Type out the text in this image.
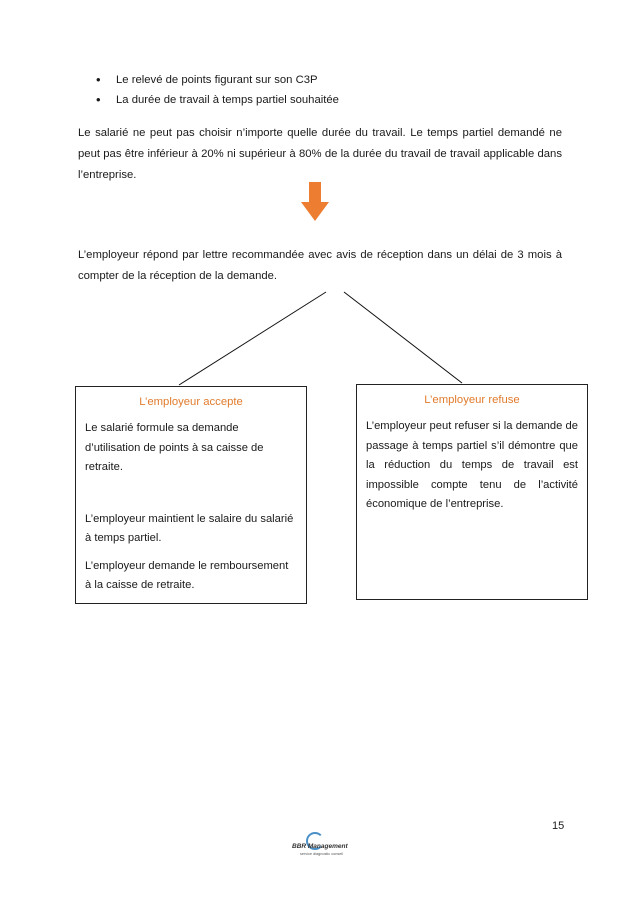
• Le relevé de points figurant sur son C3P
• La durée de travail à temps partiel souhaitée

Le salarié ne peut pas choisir n’importe quelle durée du travail. Le temps partiel demandé ne peut pas être inférieur à 20% ni supérieur à 80% de la durée du travail de travail applicable dans l’entreprise.

L’employeur répond par lettre recommandée avec avis de réception dans un délai de 3 mois à compter de la réception de la demande.

L’employeur accepte

Le salarié formule sa demande d’utilisation de points à sa caisse de retraite.

L’employeur maintient le salaire du salarié à temps partiel.

L’employeur demande le remboursement à la caisse de retraite.

L’employeur refuse

L’employeur peut refuser si la demande de passage à temps partiel s’il démontre que la réduction du temps de travail est impossible compte tenu de l’activité économique de l’entreprise.

15
BBR Management
service diagnostic conseil
